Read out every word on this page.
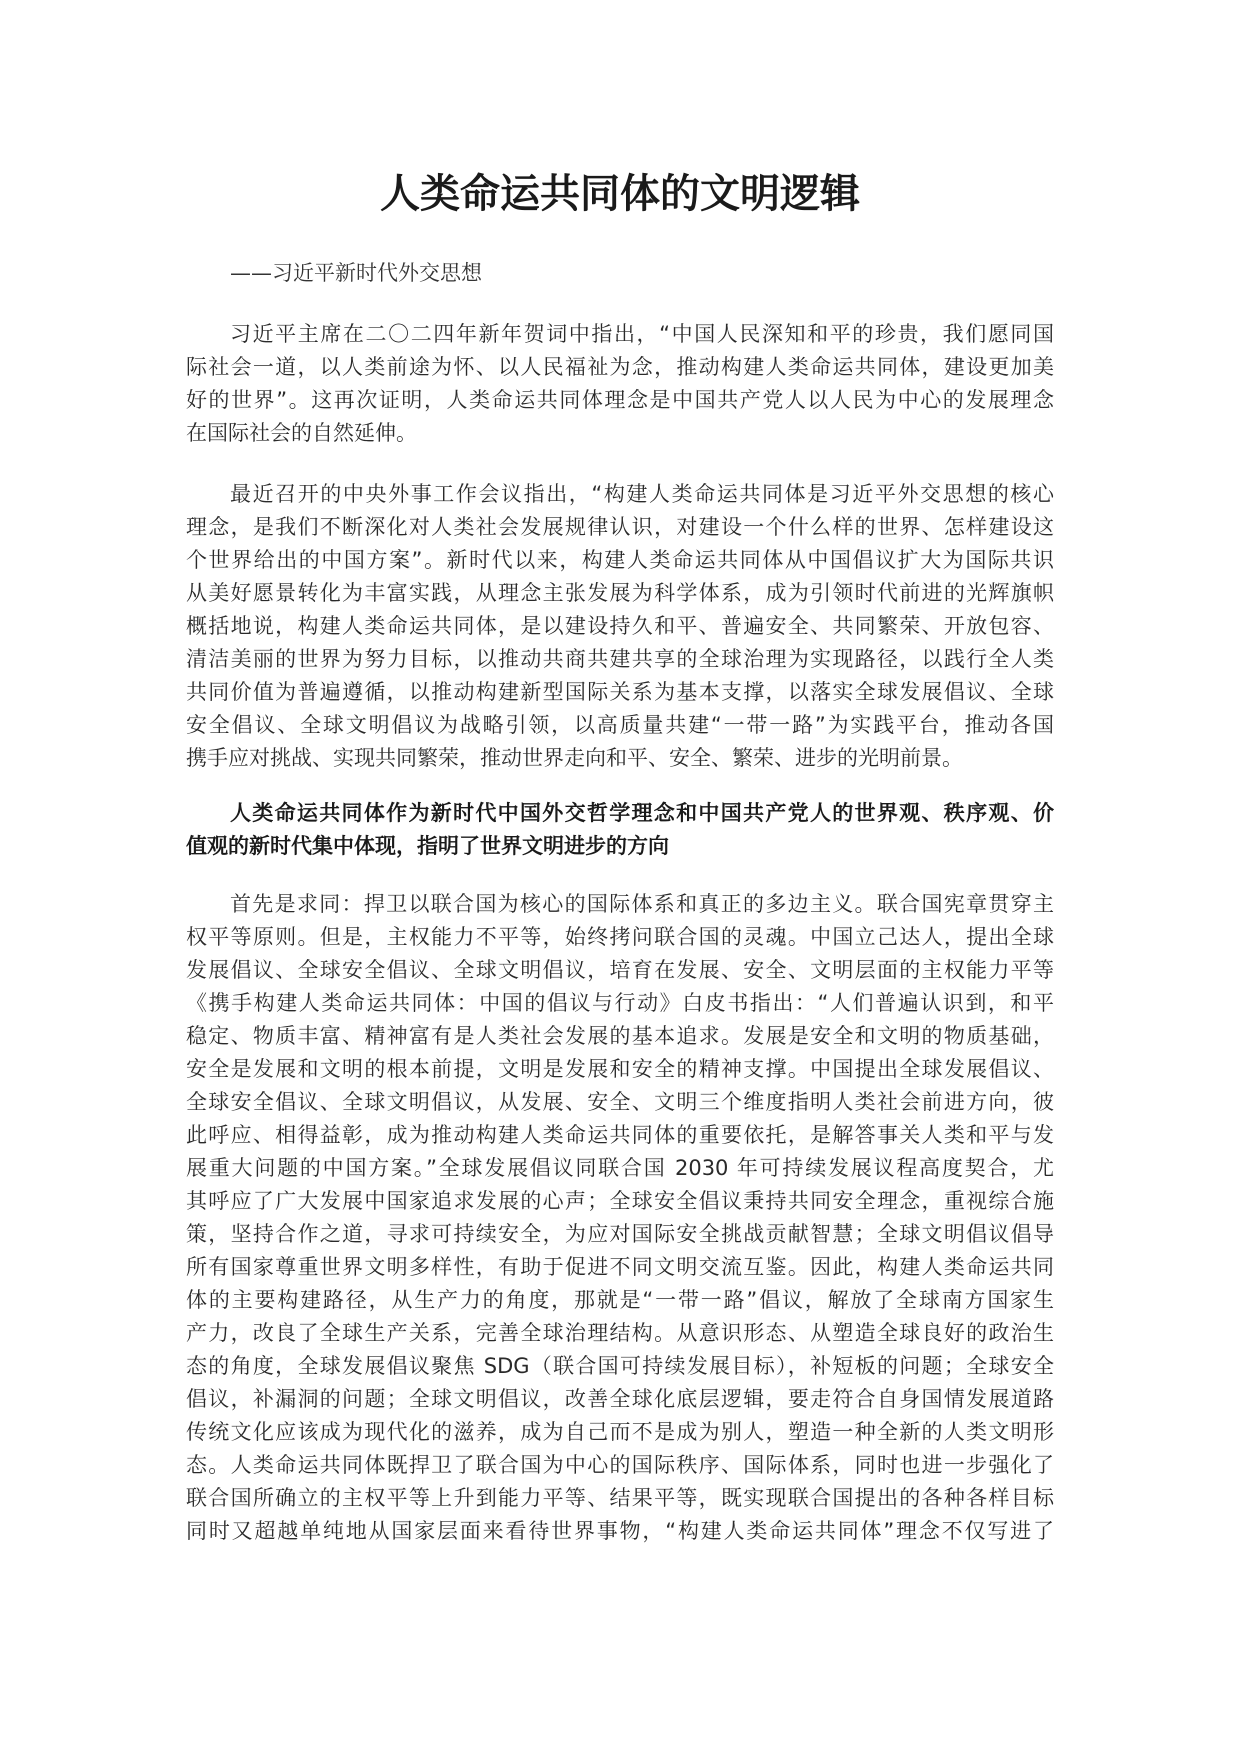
人类命运共同体的文明逻辑

——习近平新时代外交思想

习近平主席在二〇二四年新年贺词中指出，“中国人民深知和平的珍贵，我们愿同国
际社会一道，以人类前途为怀、以人民福祉为念，推动构建人类命运共同体，建设更加美
好的世界”。这再次证明，人类命运共同体理念是中国共产党人以人民为中心的发展理念
在国际社会的自然延伸。
最近召开的中央外事工作会议指出，“构建人类命运共同体是习近平外交思想的核心
理念，是我们不断深化对人类社会发展规律认识，对建设一个什么样的世界、怎样建设这
个世界给出的中国方案”。新时代以来，构建人类命运共同体从中国倡议扩大为国际共识
从美好愿景转化为丰富实践，从理念主张发展为科学体系，成为引领时代前进的光辉旗帜
概括地说，构建人类命运共同体，是以建设持久和平、普遍安全、共同繁荣、开放包容、
清洁美丽的世界为努力目标，以推动共商共建共享的全球治理为实现路径，以践行全人类
共同价值为普遍遵循，以推动构建新型国际关系为基本支撑，以落实全球发展倡议、全球
安全倡议、全球文明倡议为战略引领，以高质量共建“一带一路”为实践平台，推动各国
携手应对挑战、实现共同繁荣，推动世界走向和平、安全、繁荣、进步的光明前景。
人类命运共同体作为新时代中国外交哲学理念和中国共产党人的世界观、秩序观、价
值观的新时代集中体现，指明了世界文明进步的方向
首先是求同：捍卫以联合国为核心的国际体系和真正的多边主义。联合国宪章贯穿主
权平等原则。但是，主权能力不平等，始终拷问联合国的灵魂。中国立己达人，提出全球
发展倡议、全球安全倡议、全球文明倡议，培育在发展、安全、文明层面的主权能力平等
《携手构建人类命运共同体：中国的倡议与行动》白皮书指出：“人们普遍认识到，和平
稳定、物质丰富、精神富有是人类社会发展的基本追求。发展是安全和文明的物质基础，
安全是发展和文明的根本前提，文明是发展和安全的精神支撑。中国提出全球发展倡议、
全球安全倡议、全球文明倡议，从发展、安全、文明三个维度指明人类社会前进方向，彼
此呼应、相得益彰，成为推动构建人类命运共同体的重要依托，是解答事关人类和平与发
展重大问题的中国方案。”全球发展倡议同联合国 2030 年可持续发展议程高度契合，尤
其呼应了广大发展中国家追求发展的心声；全球安全倡议秉持共同安全理念，重视综合施
策，坚持合作之道，寻求可持续安全，为应对国际安全挑战贡献智慧；全球文明倡议倡导
所有国家尊重世界文明多样性，有助于促进不同文明交流互鉴。因此，构建人类命运共同
体的主要构建路径，从生产力的角度，那就是“一带一路”倡议，解放了全球南方国家生
产力，改良了全球生产关系，完善全球治理结构。从意识形态、从塑造全球良好的政治生
态的角度，全球发展倡议聚焦 SDG（联合国可持续发展目标），补短板的问题；全球安全
倡议，补漏洞的问题；全球文明倡议，改善全球化底层逻辑，要走符合自身国情发展道路
传统文化应该成为现代化的滋养，成为自己而不是成为别人，塑造一种全新的人类文明形
态。人类命运共同体既捍卫了联合国为中心的国际秩序、国际体系，同时也进一步强化了
联合国所确立的主权平等上升到能力平等、结果平等，既实现联合国提出的各种各样目标
同时又超越单纯地从国家层面来看待世界事物，“构建人类命运共同体”理念不仅写进了
